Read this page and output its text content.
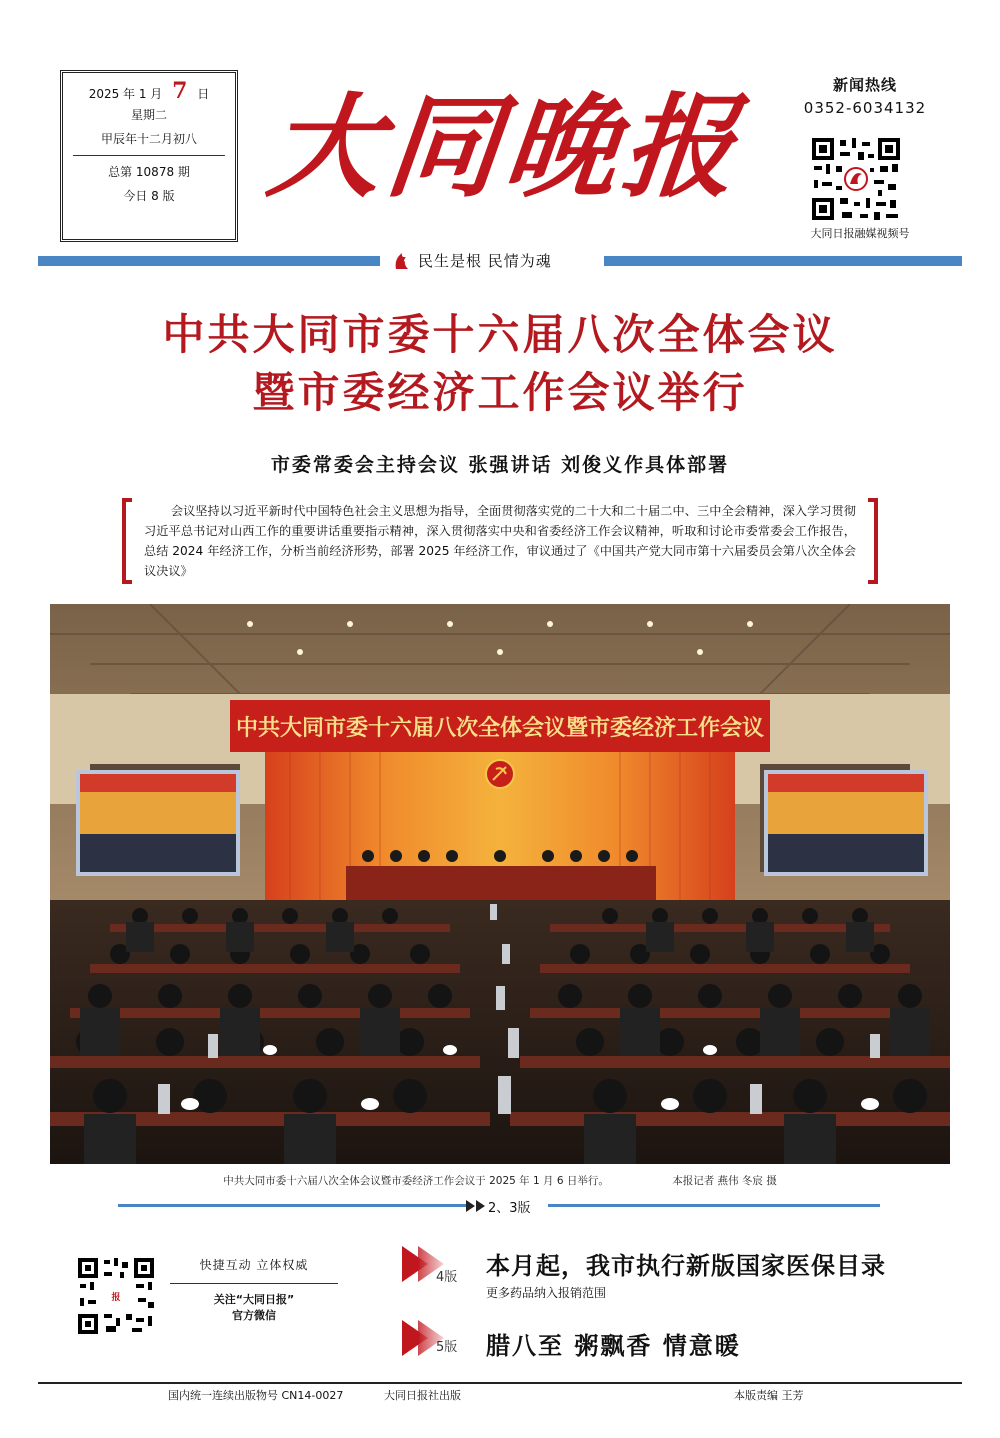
2025 年 1 月 7 日
星期二
甲辰年十二月初八
总第 10878 期
今日 8 版 大同晚报	新闻热线
0352-6034132
大同日报融媒视频号
民生是根 民情为魂
中共大同市委十六届八次全体会议
暨市委经济工作会议举行
市委常委会主持会议 张强讲话 刘俊义作具体部署

会议坚持以习近平新时代中国特色社会主义思想为指导，全面贯彻落实党的二十大和二十届二中、三中全会精神，深入学习贯彻习近平总书记对山西工作的重要讲话重要指示精神，深入贯彻落实中央和省委经济工作会议精神，听取和讨论市委常委会工作报告，总结 2024 年经济工作，分析当前经济形势，部署 2025 年经济工作，审议通过了《中国共产党大同市第十六届委员会第八次全体会议决议》

中共大同市委十六届八次全体会议暨市委经济工作会议
中共大同市委十六届八次全体会议暨市委经济工作会议于 2025 年 1 月 6 日举行。	本报记者 燕伟 冬宸 摄
2、3版
报
快捷互动 立体权威
关注“大同日报”
官方微信
4版	本月起，我市执行新版国家医保目录
更多药品纳入报销范围
5版	腊八至 粥飘香 情意暖
国内统一连续出版物号 CN14-0027	大同日报社出版	本版责编 王芳
